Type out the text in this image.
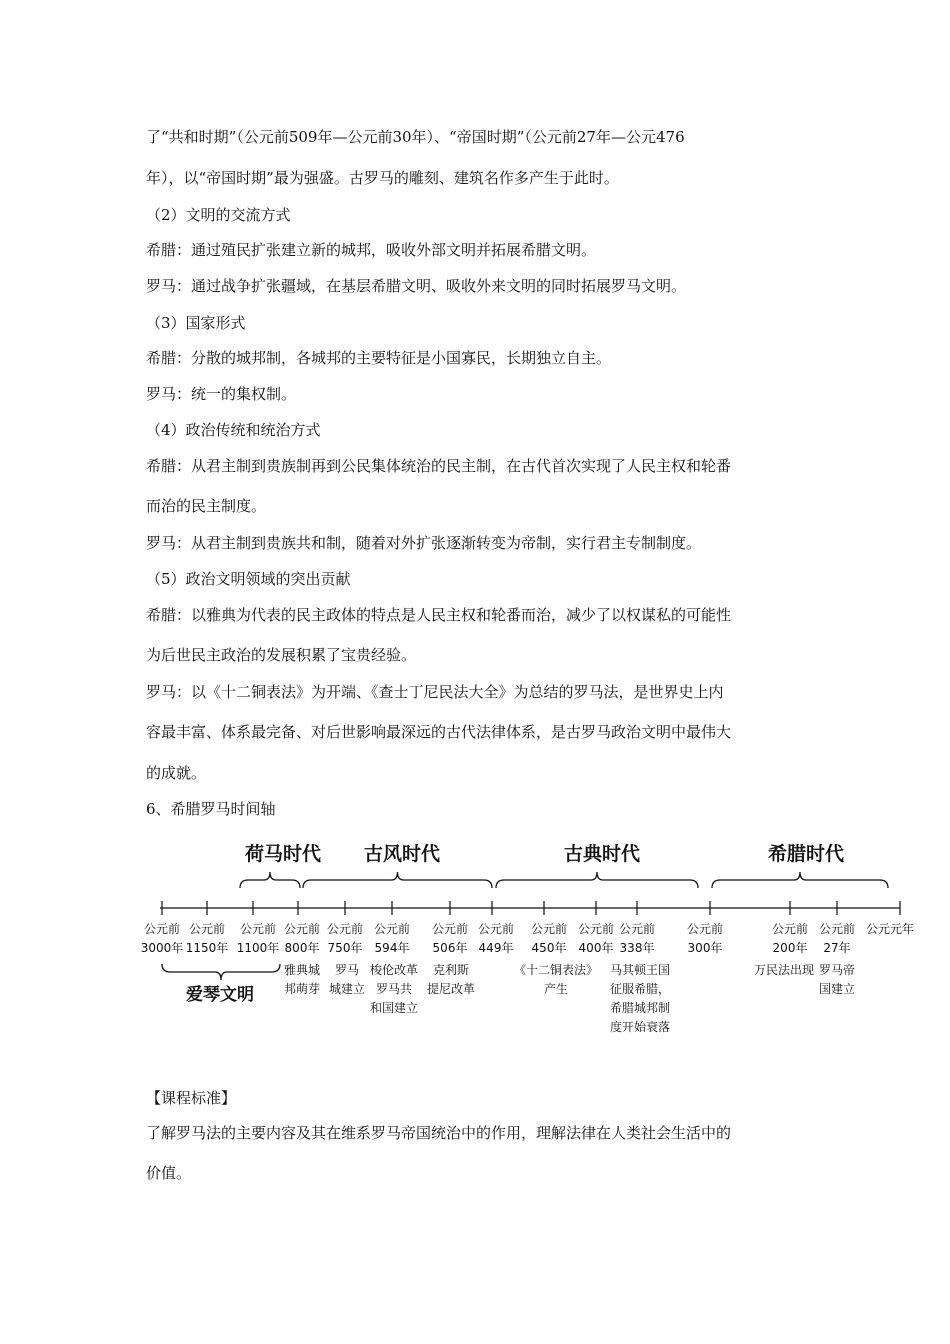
了“共和时期”（公元前509年—公元前30年）、“帝国时期”（公元前27年—公元476
年），以“帝国时期”最为强盛。古罗马的雕刻、建筑名作多产生于此时。
（2）文明的交流方式
希腊：通过殖民扩张建立新的城邦，吸收外部文明并拓展希腊文明。
罗马：通过战争扩张疆域，在基层希腊文明、吸收外来文明的同时拓展罗马文明。
（3）国家形式
希腊：分散的城邦制，各城邦的主要特征是小国寡民，长期独立自主。
罗马：统一的集权制。
（4）政治传统和统治方式
希腊：从君主制到贵族制再到公民集体统治的民主制，在古代首次实现了人民主权和轮番
而治的民主制度。
罗马：从君主制到贵族共和制，随着对外扩张逐渐转变为帝制，实行君主专制制度。
（5）政治文明领域的突出贡献
希腊：以雅典为代表的民主政体的特点是人民主权和轮番而治，减少了以权谋私的可能性
为后世民主政治的发展积累了宝贵经验。
罗马：以《十二铜表法》为开端、《查士丁尼民法大全》为总结的罗马法，是世界史上内
容最丰富、体系最完备、对后世影响最深远的古代法律体系，是古罗马政治文明中最伟大
的成就。
6、希腊罗马时间轴
荷马时代 古风时代	古典时代	希腊时代
公元前
3000年
公元前
1150年
公元前
1100年
公元前
800年
公元前
750年
公元前
594年
公元前
506年
公元前
449年
公元前
450年
公元前
400年
公元前
338年
公元前
300年
公元前
200年
公元前
27年
公元元年
雅典城
邦萌芽
罗马
城建立
梭伦改革
罗马共
和国建立
克利斯
提尼改革
《十二铜表法》
产生
马其顿王国
征服希腊，
希腊城邦制
度开始衰落
万民法出现 罗马帝
国建立
爱琴文明
【课程标准】
了解罗马法的主要内容及其在维系罗马帝国统治中的作用，理解法律在人类社会生活中的
价值。
